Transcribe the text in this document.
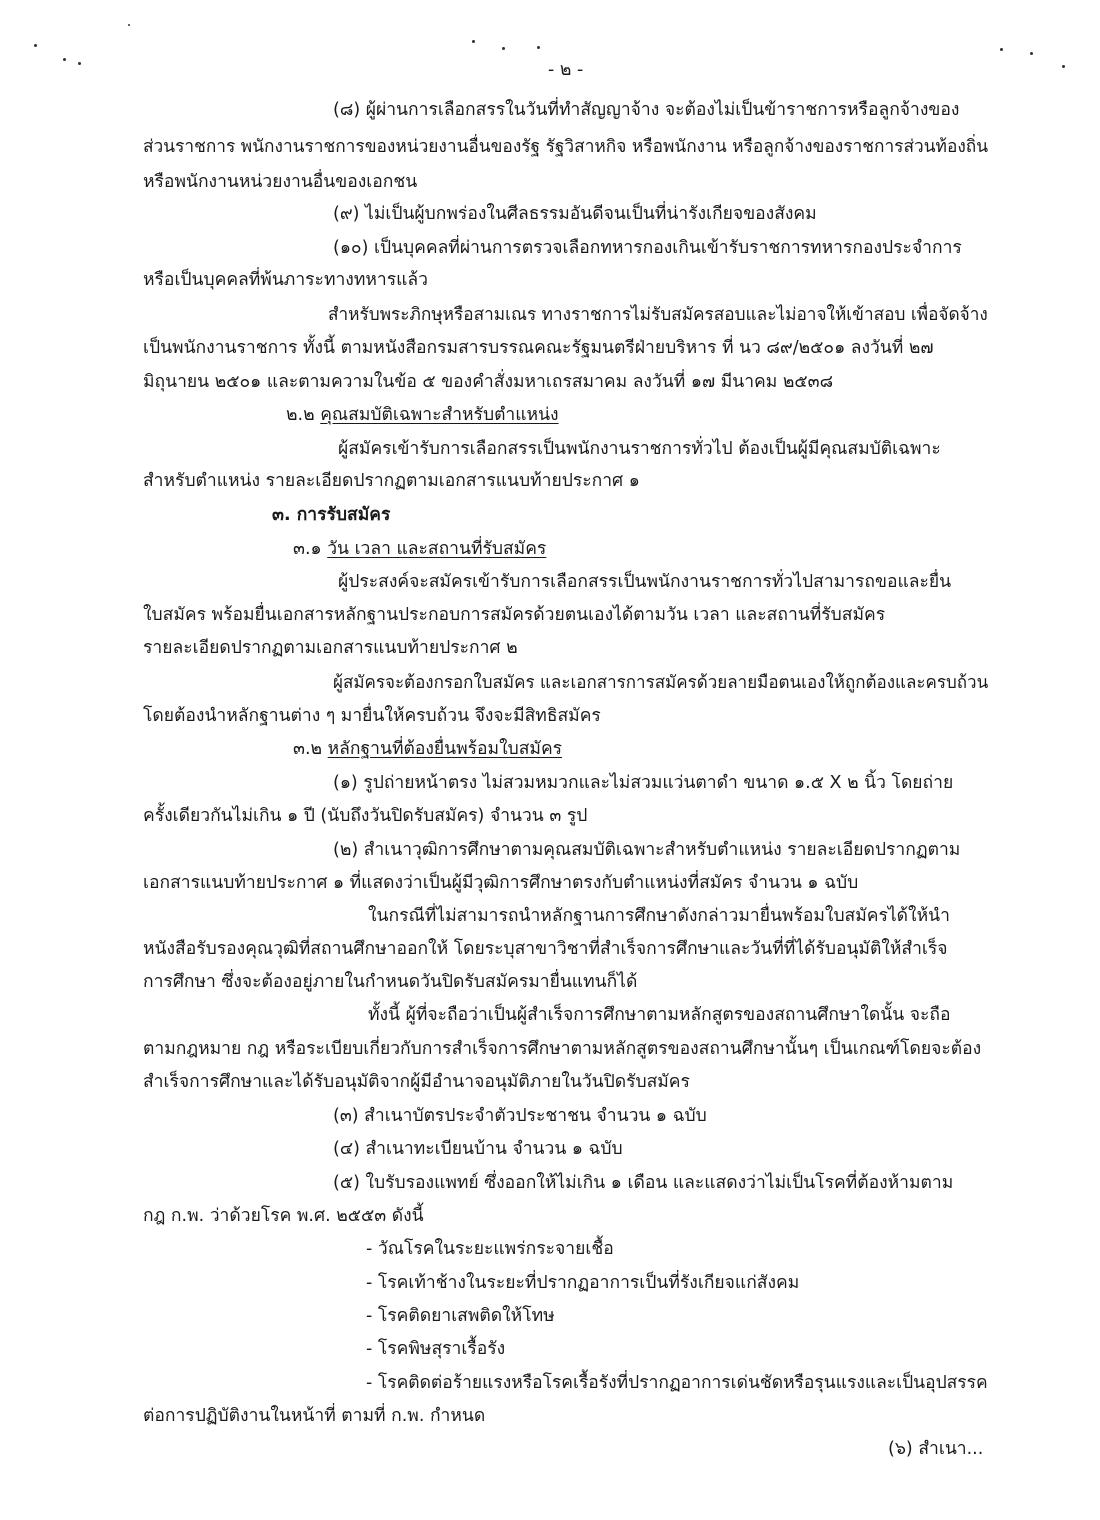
- ๒ -
(๘) ผู้ผ่านการเลือกสรรในวันที่ทำสัญญาจ้าง จะต้องไม่เป็นข้าราชการหรือลูกจ้างของ
ส่วนราชการ พนักงานราชการของหน่วยงานอื่นของรัฐ รัฐวิสาหกิจ หรือพนักงาน หรือลูกจ้างของราชการส่วนท้องถิ่น
หรือพนักงานหน่วยงานอื่นของเอกชน
(๙) ไม่เป็นผู้บกพร่องในศีลธรรมอันดีจนเป็นที่น่ารังเกียจของสังคม
(๑๐) เป็นบุคคลที่ผ่านการตรวจเลือกทหารกองเกินเข้ารับราชการทหารกองประจำการ
หรือเป็นบุคคลที่พ้นภาระทางทหารแล้ว
สำหรับพระภิกษุหรือสามเณร ทางราชการไม่รับสมัครสอบและไม่อาจให้เข้าสอบ เพื่อจัดจ้าง
เป็นพนักงานราชการ ทั้งนี้ ตามหนังสือกรมสารบรรณคณะรัฐมนตรีฝ่ายบริหาร ที่ นว ๘๙/๒๕๐๑ ลงวันที่ ๒๗
มิถุนายน ๒๕๐๑ และตามความในข้อ ๕ ของคำสั่งมหาเถรสมาคม ลงวันที่ ๑๗ มีนาคม ๒๕๓๘
๒.๒ คุณสมบัติเฉพาะสำหรับตำแหน่ง
ผู้สมัครเข้ารับการเลือกสรรเป็นพนักงานราชการทั่วไป ต้องเป็นผู้มีคุณสมบัติเฉพาะ
สำหรับตำแหน่ง รายละเอียดปรากฏตามเอกสารแนบท้ายประกาศ ๑
๓. การรับสมัคร
๓.๑ วัน เวลา และสถานที่รับสมัคร
ผู้ประสงค์จะสมัครเข้ารับการเลือกสรรเป็นพนักงานราชการทั่วไปสามารถขอและยื่น
ใบสมัคร พร้อมยื่นเอกสารหลักฐานประกอบการสมัครด้วยตนเองได้ตามวัน เวลา และสถานที่รับสมัคร
รายละเอียดปรากฏตามเอกสารแนบท้ายประกาศ ๒
ผู้สมัครจะต้องกรอกใบสมัคร และเอกสารการสมัครด้วยลายมือตนเองให้ถูกต้องและครบถ้วน
โดยต้องนำหลักฐานต่าง ๆ มายื่นให้ครบถ้วน จึงจะมีสิทธิสมัคร
๓.๒ หลักฐานที่ต้องยื่นพร้อมใบสมัคร
(๑) รูปถ่ายหน้าตรง ไม่สวมหมวกและไม่สวมแว่นตาดำ ขนาด ๑.๕ X ๒ นิ้ว โดยถ่าย
ครั้งเดียวกันไม่เกิน ๑ ปี (นับถึงวันปิดรับสมัคร) จำนวน ๓ รูป
(๒) สำเนาวุฒิการศึกษาตามคุณสมบัติเฉพาะสำหรับตำแหน่ง รายละเอียดปรากฏตาม
เอกสารแนบท้ายประกาศ ๑ ที่แสดงว่าเป็นผู้มีวุฒิการศึกษาตรงกับตำแหน่งที่สมัคร จำนวน ๑ ฉบับ
ในกรณีที่ไม่สามารถนำหลักฐานการศึกษาดังกล่าวมายื่นพร้อมใบสมัครได้ให้นำ
หนังสือรับรองคุณวุฒิที่สถานศึกษาออกให้ โดยระบุสาขาวิชาที่สำเร็จการศึกษาและวันที่ที่ได้รับอนุมัติให้สำเร็จ
การศึกษา ซึ่งจะต้องอยู่ภายในกำหนดวันปิดรับสมัครมายื่นแทนก็ได้
ทั้งนี้ ผู้ที่จะถือว่าเป็นผู้สำเร็จการศึกษาตามหลักสูตรของสถานศึกษาใดนั้น จะถือ
ตามกฎหมาย กฎ หรือระเบียบเกี่ยวกับการสำเร็จการศึกษาตามหลักสูตรของสถานศึกษานั้นๆ เป็นเกณฑ์โดยจะต้อง
สำเร็จการศึกษาและได้รับอนุมัติจากผู้มีอำนาจอนุมัติภายในวันปิดรับสมัคร
(๓) สำเนาบัตรประจำตัวประชาชน จำนวน ๑ ฉบับ
(๔) สำเนาทะเบียนบ้าน จำนวน ๑ ฉบับ
(๕) ใบรับรองแพทย์ ซึ่งออกให้ไม่เกิน ๑ เดือน และแสดงว่าไม่เป็นโรคที่ต้องห้ามตาม
กฎ ก.พ. ว่าด้วยโรค พ.ศ. ๒๕๕๓ ดังนี้
- วัณโรคในระยะแพร่กระจายเชื้อ
- โรคเท้าช้างในระยะที่ปรากฏอาการเป็นที่รังเกียจแก่สังคม
- โรคติดยาเสพติดให้โทษ
- โรคพิษสุราเรื้อรัง
- โรคติดต่อร้ายแรงหรือโรคเรื้อรังที่ปรากฏอาการเด่นชัดหรือรุนแรงและเป็นอุปสรรค
ต่อการปฏิบัติงานในหน้าที่ ตามที่ ก.พ. กำหนด
(๖) สำเนา...
